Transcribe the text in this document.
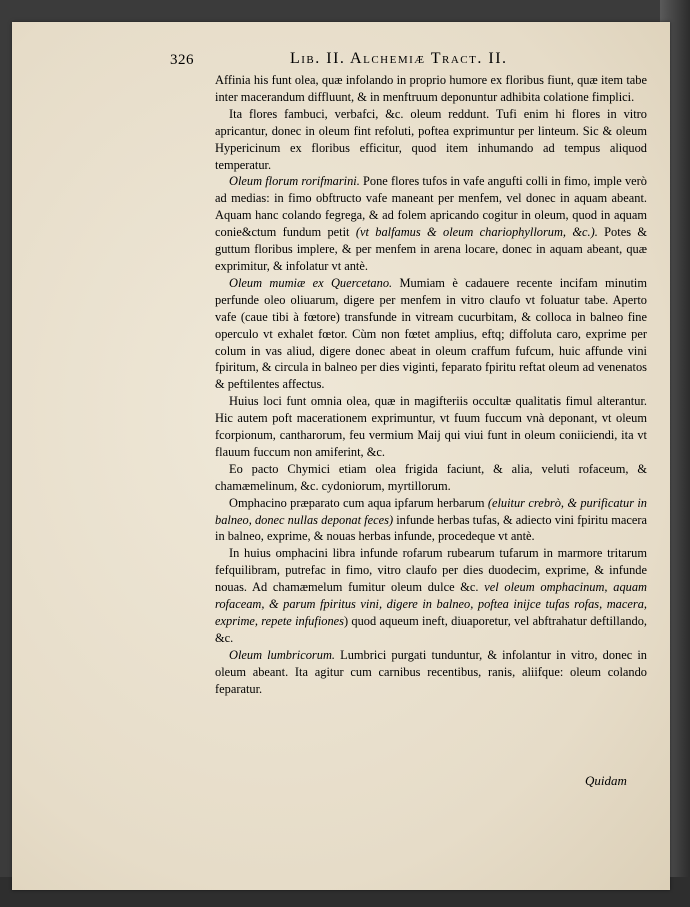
326	Lib. II. Alchemiæ Tract. II.

Affinia his funt olea, quæ infolando in proprio humore ex floribus fiunt, quæ item tabe inter macerandum diffluunt, & in menftruum deponuntur adhibita colatione fimplici.

Ita flores fambuci, verbafci, &c. oleum reddunt. Tufi enim hi flores in vitro apricantur, donec in oleum fint refoluti, poftea exprimuntur per linteum. Sic & oleum Hypericinum ex floribus efficitur, quod item inhumando ad tempus aliquod temperatur.

Oleum florum rorifmarini. Pone flores tufos in vafe angufti colli in fimo, imple verò ad medias: in fimo obftructo vafe maneant per menfem, vel donec in aquam abeant. Aquam hanc colando fegrega, & ad folem apricando cogitur in oleum, quod in aquam conie&ctum fundum petit (vt balfamus & oleum chariophyllorum, &c.). Potes & guttum floribus implere, & per menfem in arena locare, donec in aquam abeant, quæ exprimitur, & infolatur vt antè.

Oleum mumiæ ex Quercetano. Mumiam è cadauere recente incifam minutim perfunde oleo oliuarum, digere per menfem in vitro claufo vt foluatur tabe. Aperto vafe (caue tibi à fœtore) transfunde in vitream cucurbitam, & colloca in balneo fine operculo vt exhalet fœtor. Cùm non fœtet amplius, eftq; diffoluta caro, exprime per colum in vas aliud, digere donec abeat in oleum craffum fufcum, huic affunde vini fpiritum, & circula in balneo per dies viginti, feparato fpiritu reftat oleum ad venenatos & peftilentes affectus.

Huius loci funt omnia olea, quæ in magifteriis occultæ qualitatis fimul alterantur. Hic autem poft macerationem exprimuntur, vt fuum fuccum vnà deponant, vt oleum fcorpionum, cantharorum, feu vermium Maij qui viui funt in oleum coniiciendi, ita vt flauum fuccum non amiferint, &c.

Eo pacto Chymici etiam olea frigida faciunt, & alia, veluti rofaceum, & chamæmelinum, &c. cydoniorum, myrtillorum.

Omphacino præparato cum aqua ipfarum herbarum (eluitur crebrò, & purificatur in balneo, donec nullas deponat feces) infunde herbas tufas, & adiecto vini fpiritu macera in balneo, exprime, & nouas herbas infunde, procedeque vt antè.

In huius omphacini libra infunde rofarum rubearum tufarum in marmore tritarum fefquilibram, putrefac in fimo, vitro claufo per dies duodecim, exprime, & infunde nouas. Ad chamæmelum fumitur oleum dulce &c. vel oleum omphacinum, aquam rofaceam, & parum fpiritus vini, digere in balneo, poftea inijce tufas rofas, macera, exprime, repete infufiones) quod aqueum ineft, diuaporetur, vel abftrahatur deftillando, &c.

Oleum lumbricorum. Lumbrici purgati tunduntur, & infolantur in vitro, donec in oleum abeant. Ita agitur cum carnibus recentibus, ranis, aliifque: oleum colando feparatur.

Quidam
